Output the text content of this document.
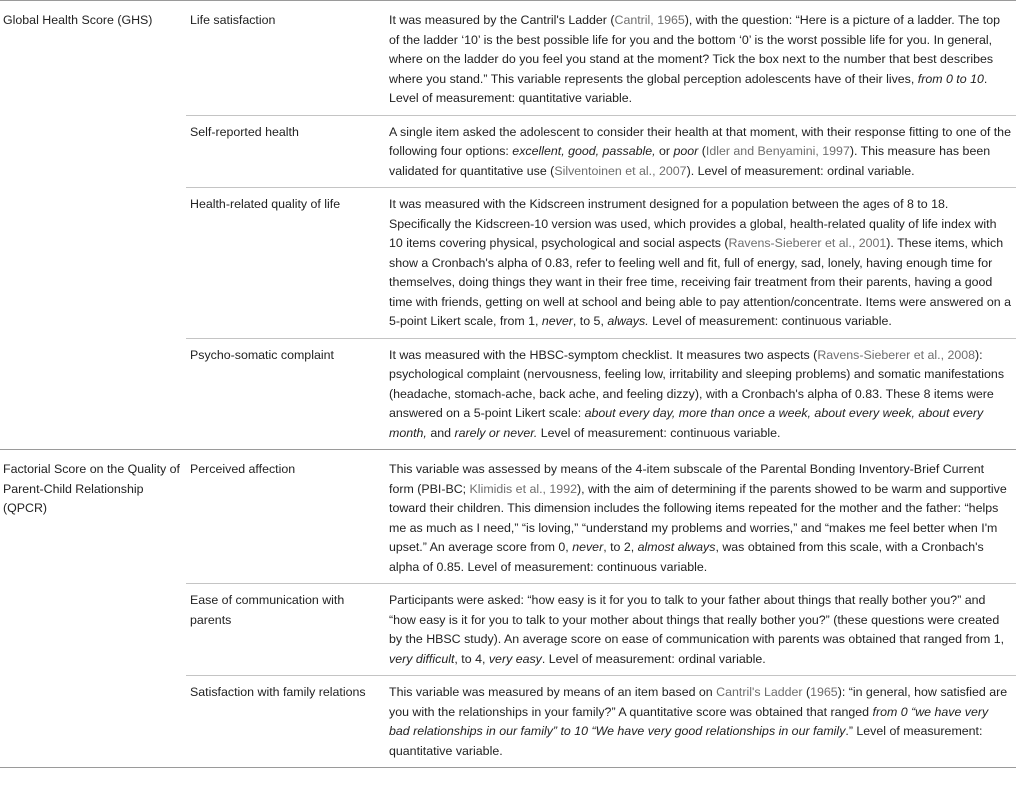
Global Health Score (GHS)	Life satisfaction	It was measured by the Cantril's Ladder (Cantril, 1965), with the question: “Here is a picture of a ladder. The top of the ladder ‘10’ is the best possible life for you and the bottom ‘0’ is the worst possible life for you. In general, where on the ladder do you feel you stand at the moment? Tick the box next to the number that best describes where you stand.” This variable represents the global perception adolescents have of their lives, from 0 to 10. Level of measurement: quantitative variable.
	Self-reported health	A single item asked the adolescent to consider their health at that moment, with their response fitting to one of the following four options: excellent, good, passable, or poor (Idler and Benyamini, 1997). This measure has been validated for quantitative use (Silventoinen et al., 2007). Level of measurement: ordinal variable.
	Health-related quality of life	It was measured with the Kidscreen instrument designed for a population between the ages of 8 to 18. Specifically the Kidscreen-10 version was used, which provides a global, health-related quality of life index with 10 items covering physical, psychological and social aspects (Ravens-Sieberer et al., 2001). These items, which show a Cronbach's alpha of 0.83, refer to feeling well and fit, full of energy, sad, lonely, having enough time for themselves, doing things they want in their free time, receiving fair treatment from their parents, having a good time with friends, getting on well at school and being able to pay attention/concentrate. Items were answered on a 5-point Likert scale, from 1, never, to 5, always. Level of measurement: continuous variable.
	Psycho-somatic complaint	It was measured with the HBSC-symptom checklist. It measures two aspects (Ravens-Sieberer et al., 2008): psychological complaint (nervousness, feeling low, irritability and sleeping problems) and somatic manifestations (headache, stomach-ache, back ache, and feeling dizzy), with a Cronbach's alpha of 0.83. These 8 items were answered on a 5-point Likert scale: about every day, more than once a week, about every week, about every month, and rarely or never. Level of measurement: continuous variable.
Factorial Score on the Quality of Parent-Child Relationship (QPCR)	Perceived affection	This variable was assessed by means of the 4-item subscale of the Parental Bonding Inventory-Brief Current form (PBI-BC; Klimidis et al., 1992), with the aim of determining if the parents showed to be warm and supportive toward their children. This dimension includes the following items repeated for the mother and the father: “helps me as much as I need,” “is loving,” “understand my problems and worries,” and “makes me feel better when I'm upset.” An average score from 0, never, to 2, almost always, was obtained from this scale, with a Cronbach's alpha of 0.85. Level of measurement: continuous variable.
	Ease of communication with parents	Participants were asked: “how easy is it for you to talk to your father about things that really bother you?” and “how easy is it for you to talk to your mother about things that really bother you?” (these questions were created by the HBSC study). An average score on ease of communication with parents was obtained that ranged from 1, very difficult, to 4, very easy. Level of measurement: ordinal variable.
	Satisfaction with family relations	This variable was measured by means of an item based on Cantril's Ladder (1965): “in general, how satisfied are you with the relationships in your family?” A quantitative score was obtained that ranged from 0 “we have very bad relationships in our family” to 10 “We have very good relationships in our family.” Level of measurement: quantitative variable.
